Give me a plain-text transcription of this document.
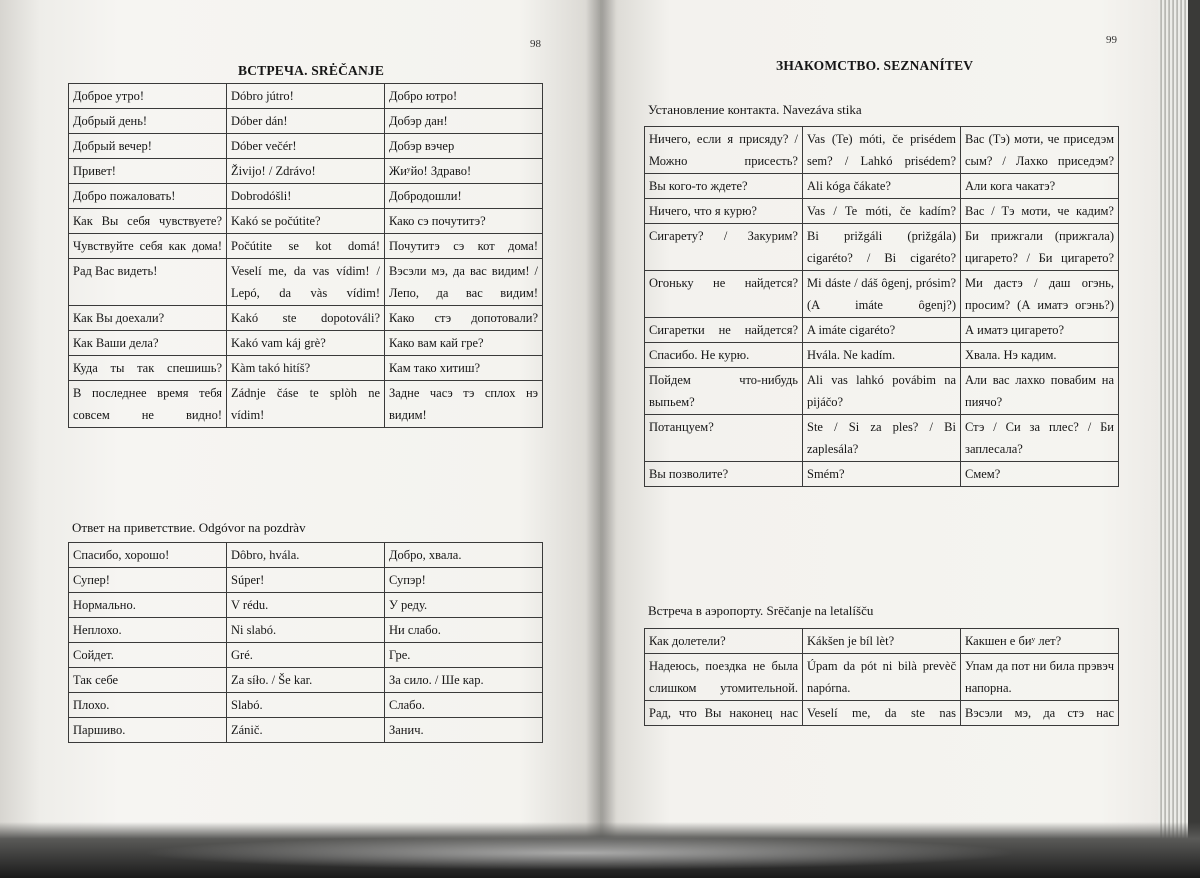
98
ВСТРЕЧА. SRĖČANJE
Доброе утро!	Dóbro jútro!	Добро ютро!
Добрый день!	Dóber dán!	Добэр дан!
Добрый вечер!	Dóber večér!	Добэр вэчер
Привет!	Živijo! / Zdrávo!	Жиʸйо! Здраво!
Добро пожаловать!	Dobrodóšli!	Добродошли!
Как Вы себя чувствуете?	Kakó se počútite?	Како сэ почутитэ?
Чувствуйте себя как дома!	Počútite se kot domá!	Почутитэ сэ кот дома!
Рад Вас видеть!	Veselí me, da vas vídim! / Lepó, da vàs vídim!	Вэсэли мэ, да вас видим! / Лепо, да вас видим!
Как Вы доехали?	Kakó ste dopotováli?	Како стэ допотовали?
Как Ваши дела?	Kakó vam káj grè?	Како вам кай гре?
Куда ты так спешишь?	Kàm takó hitíš?	Кам тако хитиш?
В последнее время тебя совсем не видно!	Zádnje čáse te splòh ne vídim!	Задне часэ тэ сплох нэ видим!
Ответ на приветствие. Odgóvor na pozdràv
Спасибо, хорошо!	Dôbro, hvála.	Добро, хвала.
Супер!	Súper!	Супэр!
Нормально.	V rédu.	У реду.
Неплохо.	Ni slabó.	Ни слабо.
Сойдет.	Gré.	Гре.
Так себе	Za síło. / Še kar.	За сило. / Ше кар.
Плохо.	Slabó.	Слабо.
Паршиво.	Zánič.	Занич.
99
ЗНАКОМСТВО. SEZNANÍTEV
Установление контакта. Navezáva stika
Ничего, если я присяду? / Можно присесть?	Vas (Te) móti, če prisédem sem? / Lahkó prisédem?	Вас (Тэ) моти, че приседэм сым? / Лахко приседэм?
Вы кого-то ждете?	Ali kóga čákate?	Али кога чакатэ?
Ничего, что я курю?	Vas / Te móti, če kadím?	Вас / Тэ моти, че кадим?
Сигарету? / Закурим?	Bi prižgáli (prižgála) cigaréto? / Bi cigaréto?	Би прижгали (прижгала) цигарето? / Би цигарето?
Огоньку не найдется?	Mi dáste / dáš ôgenj, prósim? (A imáte ôgenj?)	Ми дастэ / даш огэнь, просим? (А иматэ огэнь?)
Сигаретки не найдется?	A imáte cigaréto?	А иматэ цигарето?
Спасибо. Не курю.	Hvála. Ne kadím.	Хвала. Нэ кадим.
Пойдем что-нибудь выпьем?	Ali vas lahkó povábim na pijáčo?	Али вас лахко повабим на пиячо?
Потанцуем?	Ste / Si za ples? / Bi zaplesála?	Стэ / Си за плес? / Би заплесала?
Вы позволите?	Smém?	Смем?
Встреча в аэропорту. Srēčanje na letalíšču
Как долетели?	Kákšen je bíl lèt?	Какшен е биʸ лет?
Надеюсь, поездка не была слишком утомительной.	Úpam da pót ni bilà prevèč napórna.	Упам да пот ни била прэвэч напорна.
Рад, что Вы наконец нас	Veselí me, da ste nas	Вэсэли мэ, да стэ нас
